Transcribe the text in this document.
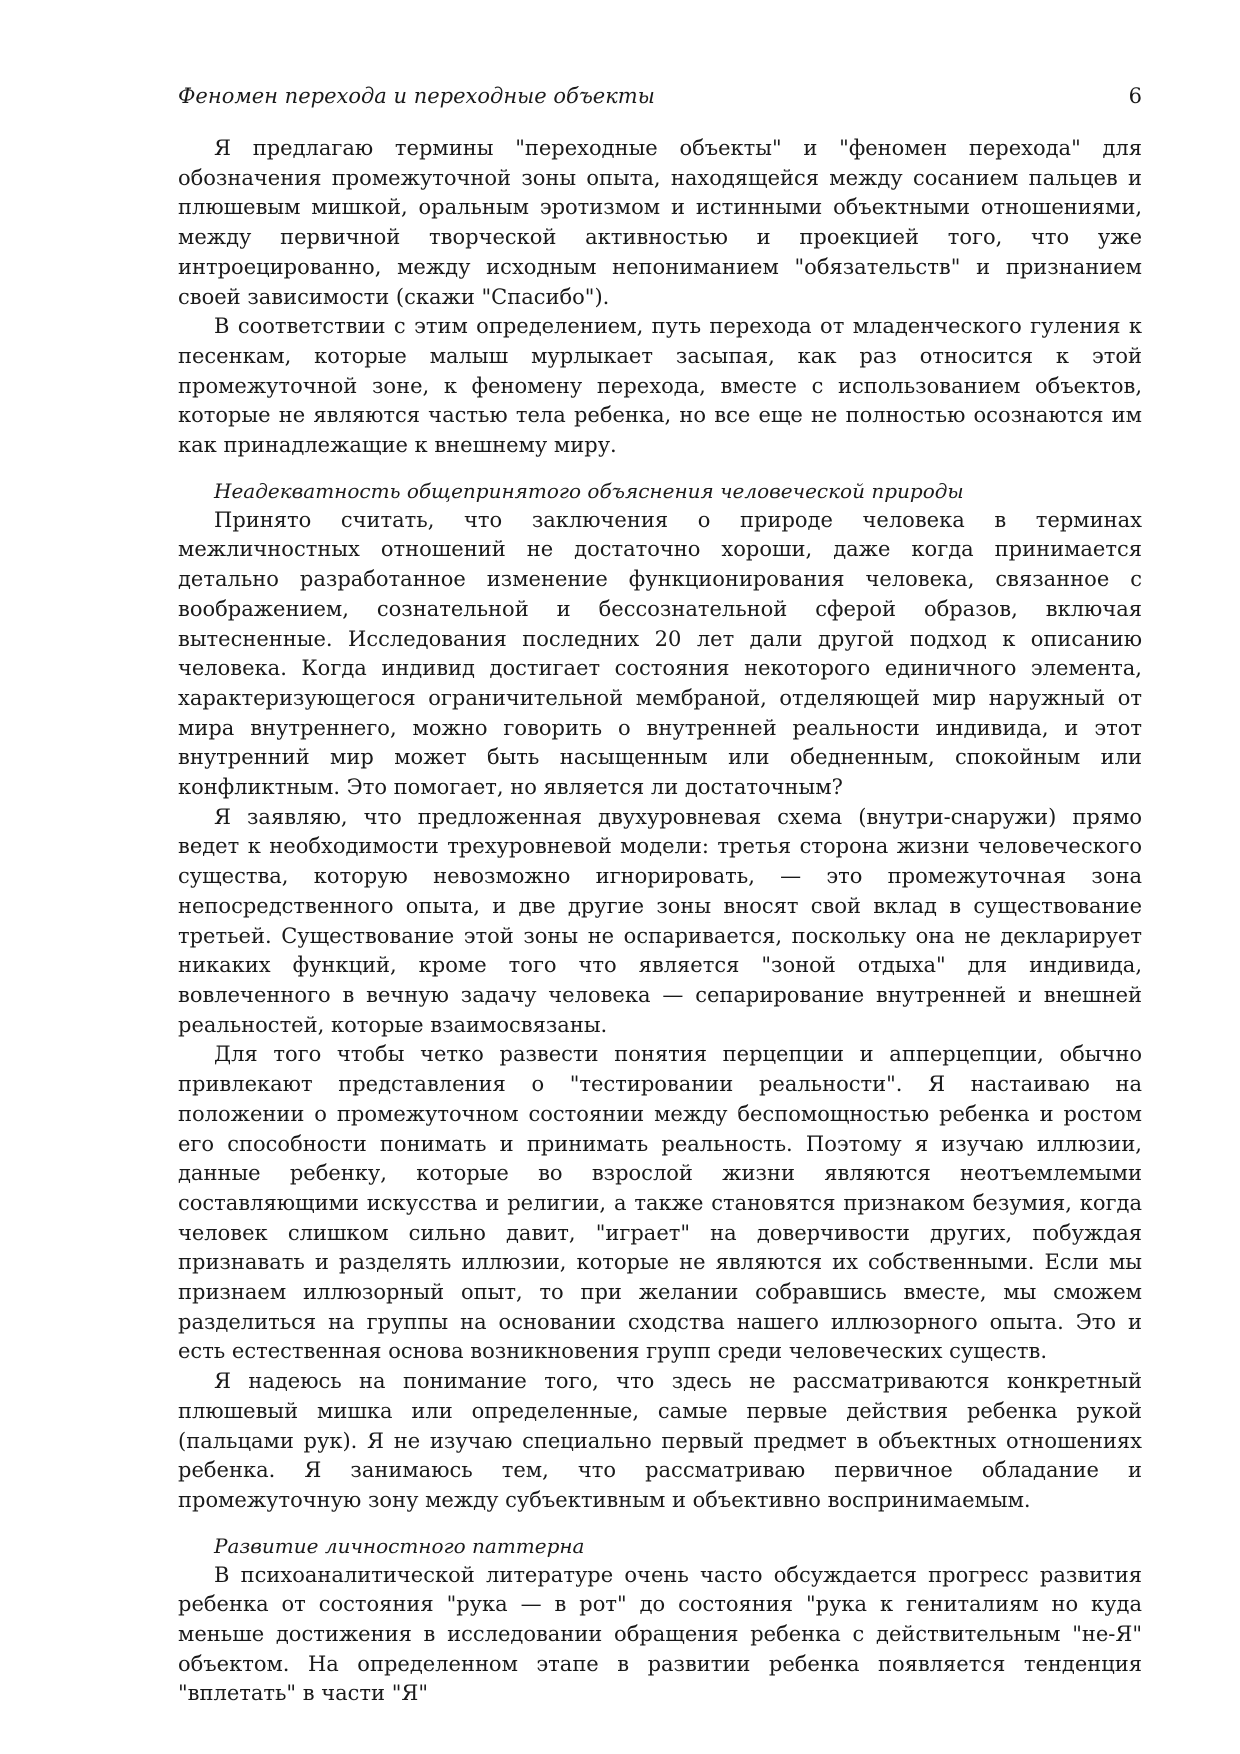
Феномен перехода и переходные объекты	6

Я предлагаю термины "переходные объекты" и "феномен перехода" для обозначения промежуточной зоны опыта, находящейся между сосанием пальцев и плюшевым мишкой, оральным эротизмом и истинными объектными отношениями, между первичной творческой активностью и проекцией того, что уже интроецированно, между исходным непониманием "обязательств" и признанием своей зависимости (скажи "Спасибо").

В соответствии с этим определением, путь перехода от младенческого гуления к песенкам, которые малыш мурлыкает засыпая, как раз относится к этой промежуточной зоне, к феномену перехода, вместе с использованием объектов, которые не являются частью тела ребенка, но все еще не полностью осознаются им как принадлежащие к внешнему миру.

Неадекватность общепринятого объяснения человеческой природы

Принято считать, что заключения о природе человека в терминах межличностных отношений не достаточно хороши, даже когда принимается детально разработанное изменение функционирования человека, связанное с воображением, сознательной и бессознательной сферой образов, включая вытесненные. Исследования последних 20 лет дали другой подход к описанию человека. Когда индивид достигает состояния некоторого единичного элемента, характеризующегося ограничительной мембраной, отделяющей мир наружный от мира внутреннего, можно говорить о внутренней реальности индивида, и этот внутренний мир может быть насыщенным или обедненным, спокойным или конфликтным. Это помогает, но является ли достаточным?

Я заявляю, что предложенная двухуровневая схема (внутри-снаружи) прямо ведет к необходимости трехуровневой модели: третья сторона жизни человеческого существа, которую невозможно игнорировать, — это промежуточная зона непосредственного опыта, и две другие зоны вносят свой вклад в существование третьей. Существование этой зоны не оспаривается, поскольку она не декларирует никаких функций, кроме того что является "зоной отдыха" для индивида, вовлеченного в вечную задачу человека — сепарирование внутренней и внешней реальностей, которые взаимосвязаны.

Для того чтобы четко развести понятия перцепции и апперцепции, обычно привлекают представления о "тестировании реальности". Я настаиваю на положении о промежуточном состоянии между беспомощностью ребенка и ростом его способности понимать и принимать реальность. Поэтому я изучаю иллюзии, данные ребенку, которые во взрослой жизни являются неотъемлемыми составляющими искусства и религии, а также становятся признаком безумия, когда человек слишком сильно давит, "играет" на доверчивости других, побуждая признавать и разделять иллюзии, которые не являются их собственными. Если мы признаем иллюзорный опыт, то при желании собравшись вместе, мы сможем разделиться на группы на основании сходства нашего иллюзорного опыта. Это и есть естественная основа возникновения групп среди человеческих существ.

Я надеюсь на понимание того, что здесь не рассматриваются конкретный плюшевый мишка или определенные, самые первые действия ребенка рукой (пальцами рук). Я не изучаю специально первый предмет в объектных отношениях ребенка. Я занимаюсь тем, что рассматриваю первичное обладание и промежуточную зону между субъективным и объективно воспринимаемым.

Развитие личностного паттерна

В психоаналитической литературе очень часто обсуждается прогресс развития ребенка от состояния "рука — в рот" до состояния "рука к гениталиям но куда меньше достижения в исследовании обращения ребенка с действительным "не-Я" объектом. На определенном этапе в развитии ребенка появляется тенденция "вплетать" в части "Я"
